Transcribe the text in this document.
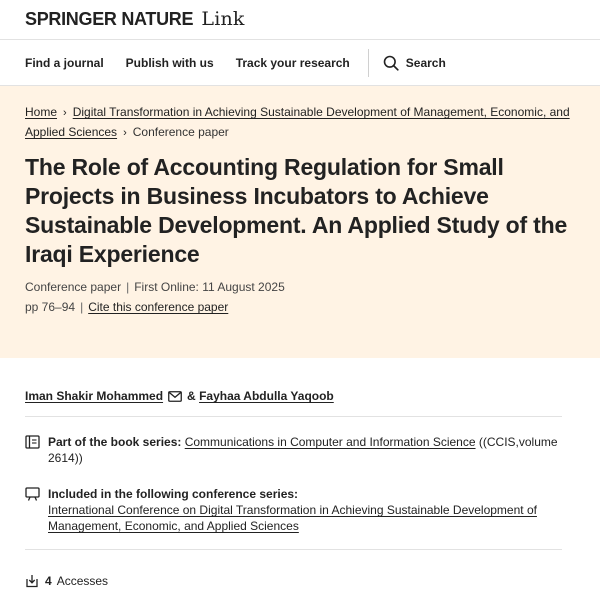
SPRINGER NATURE Link
Find a journal Publish with us Track your research	Search
Home › Digital Transformation in Achieving Sustainable Development of Management, Economic, and Applied Sciences › Conference paper
The Role of Accounting Regulation for Small Projects in Business Incubators to Achieve Sustainable Development. An Applied Study of the Iraqi Experience
Conference paper | First Online: 11 August 2025
pp 76–94 | Cite this conference paper
Iman Shakir Mohammed &
Fayhaa Abdulla Yaqoob
Part of the book series: Communications in Computer and Information Science ((CCIS,volume 2614))
Included in the following conference series:
International Conference on Digital Transformation in Achieving Sustainable Development of Management, Economic, and Applied Sciences
4 Accesses
